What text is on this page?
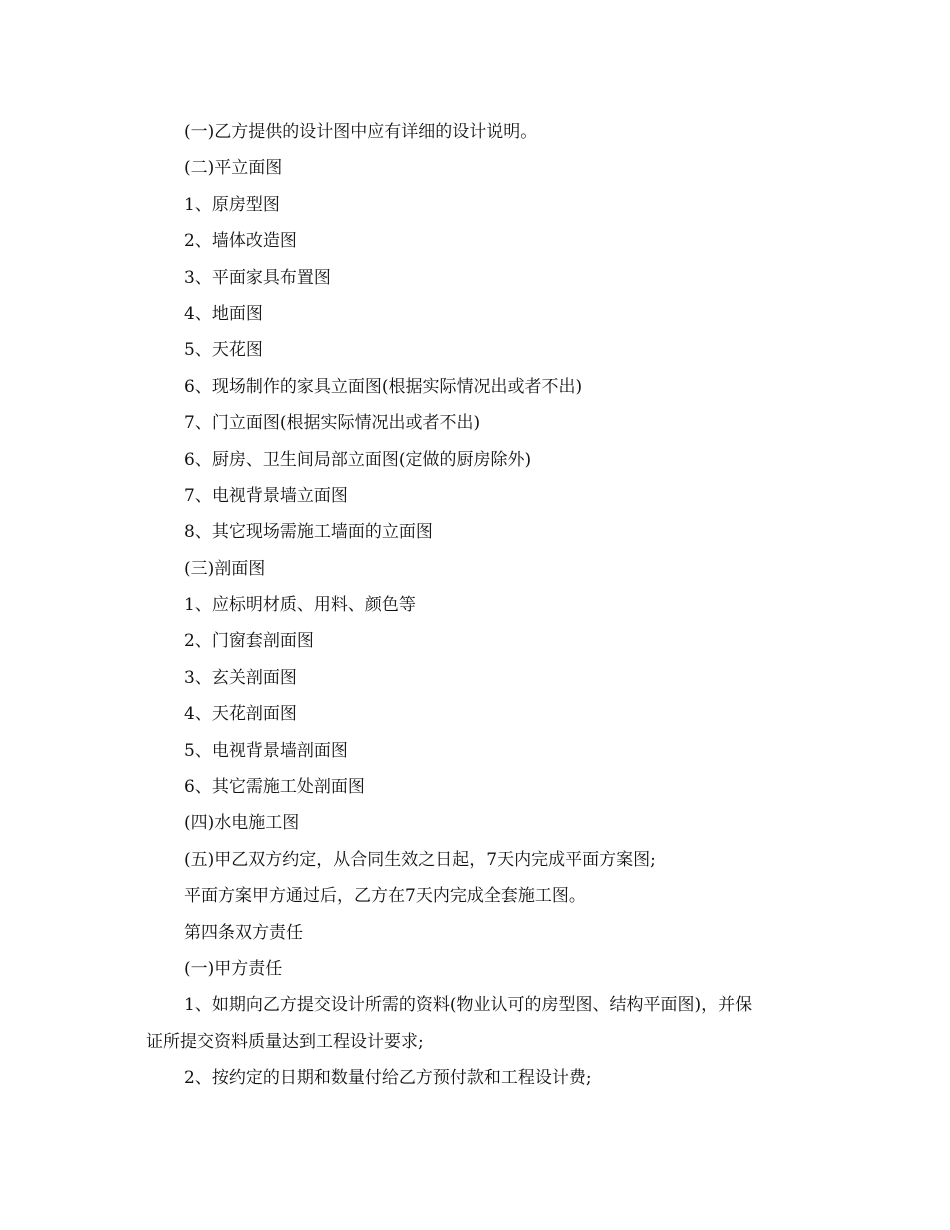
(一)乙方提供的设计图中应有详细的设计说明。
(二)平立面图
1、原房型图
2、墙体改造图
3、平面家具布置图
4、地面图
5、天花图
6、现场制作的家具立面图(根据实际情况出或者不出)
7、门立面图(根据实际情况出或者不出)
6、厨房、卫生间局部立面图(定做的厨房除外)
7、电视背景墙立面图
8、其它现场需施工墙面的立面图
(三)剖面图
1、应标明材质、用料、颜色等
2、门窗套剖面图
3、玄关剖面图
4、天花剖面图
5、电视背景墙剖面图
6、其它需施工处剖面图
(四)水电施工图
(五)甲乙双方约定，从合同生效之日起，7天内完成平面方案图;
平面方案甲方通过后，乙方在7天内完成全套施工图。
第四条双方责任
(一)甲方责任
1、如期向乙方提交设计所需的资料(物业认可的房型图、结构平面图)，并保
证所提交资料质量达到工程设计要求;
2、按约定的日期和数量付给乙方预付款和工程设计费;
